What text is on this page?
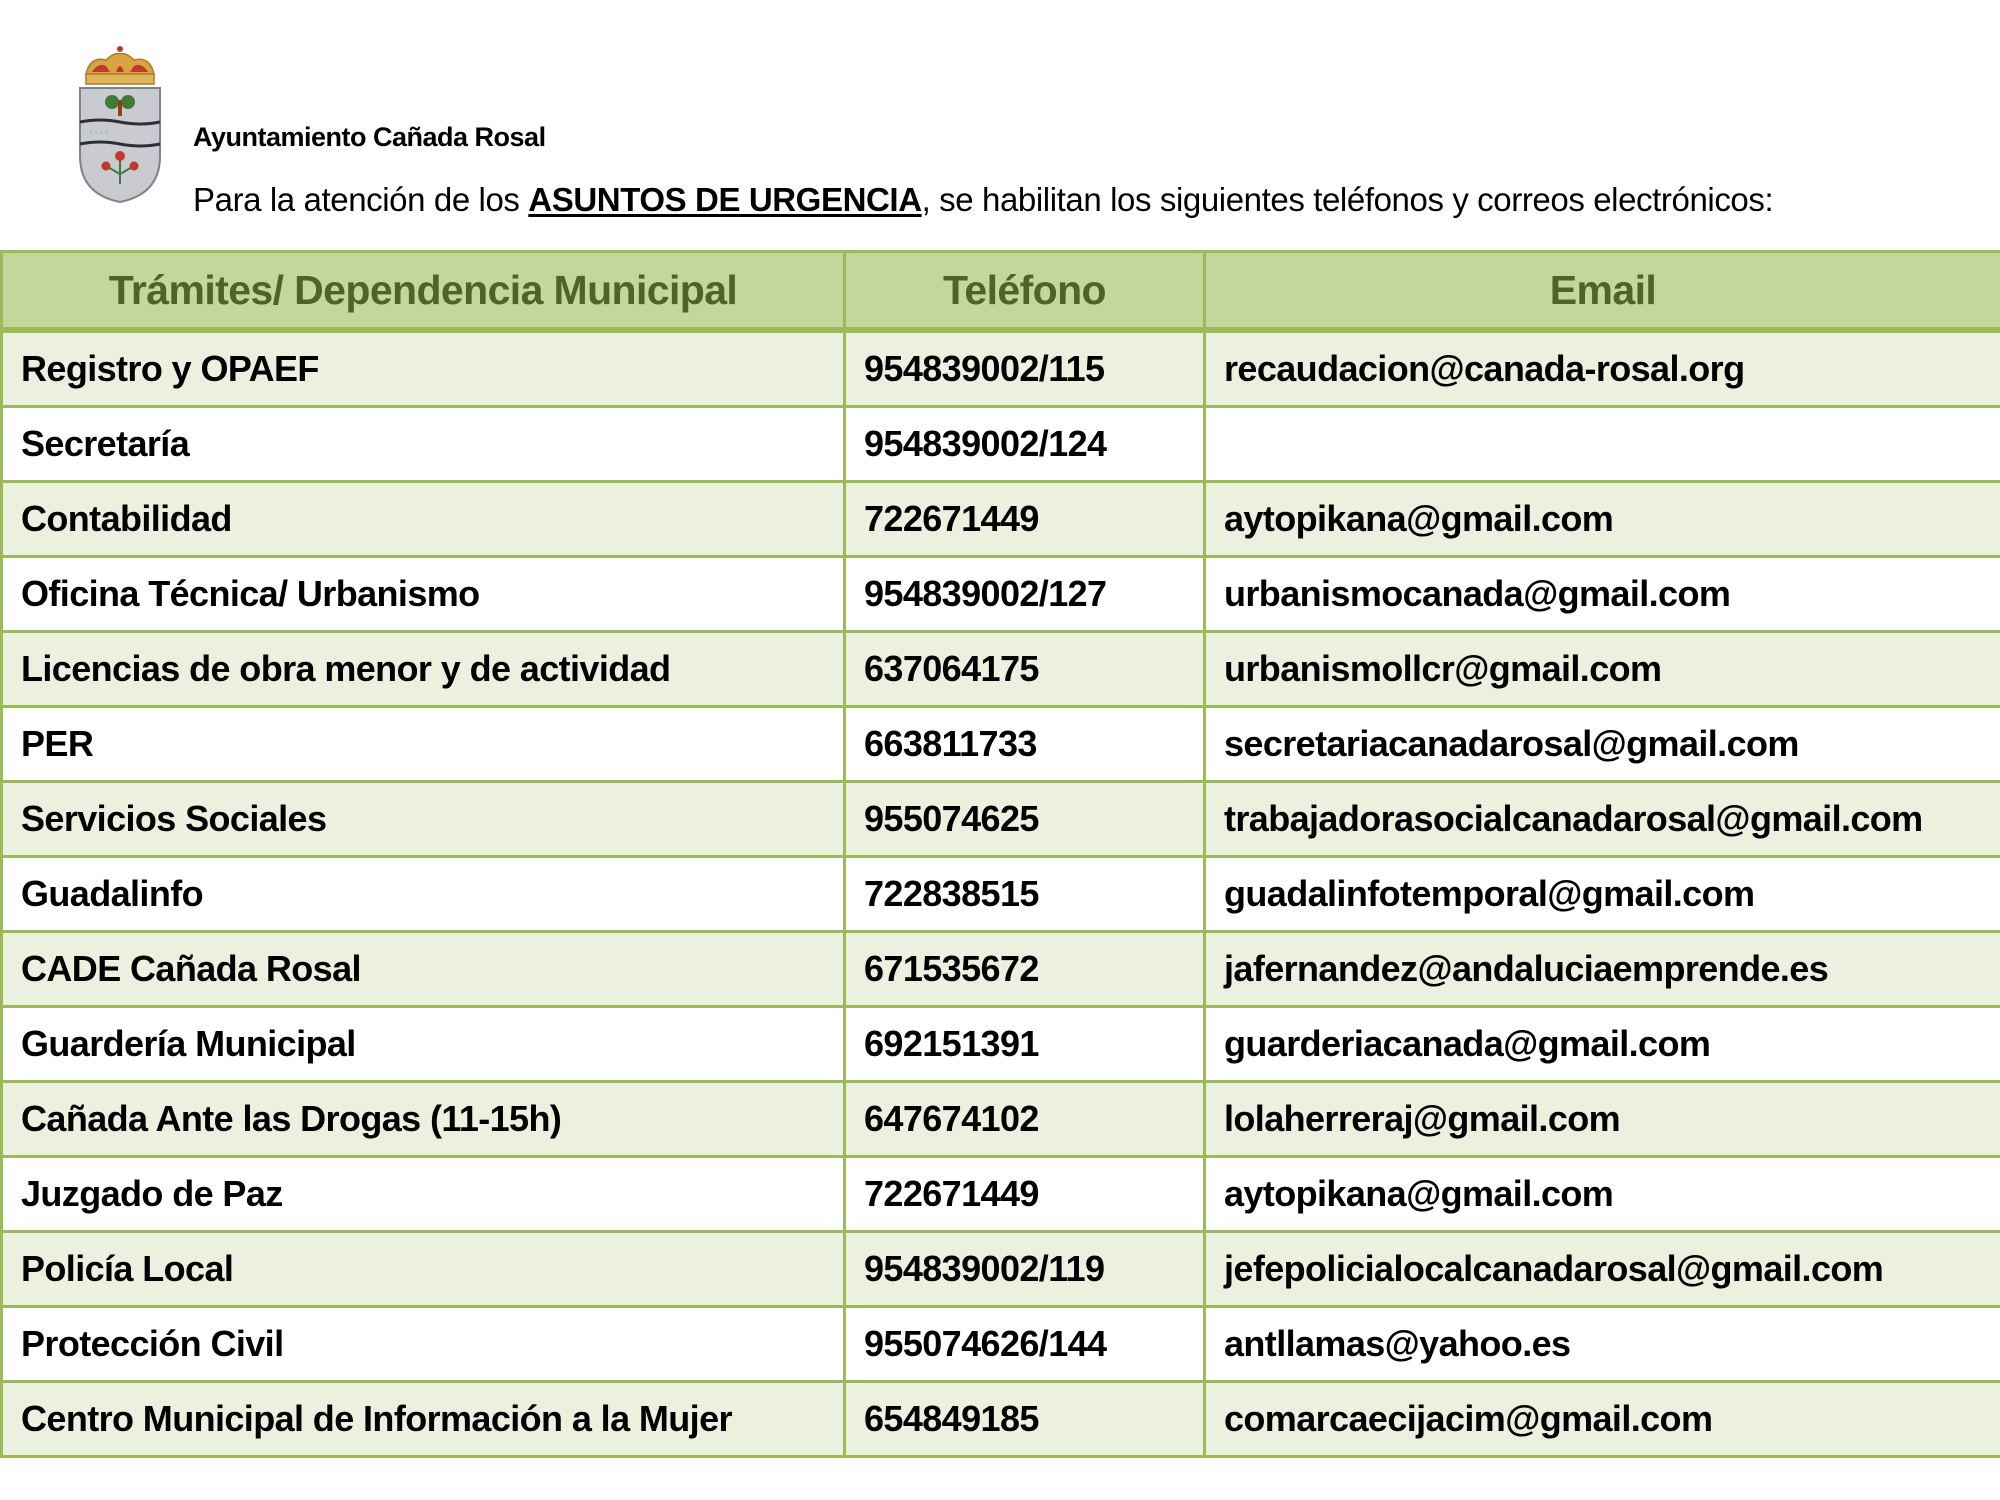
ᵛ ᵛ ᵛ ᵛ	Ayuntamiento Cañada Rosal
Para la atención de los ASUNTOS DE URGENCIA, se habilitan los siguientes teléfonos y correos electrónicos:
Trámites/ Dependencia Municipal	Teléfono	Email
Registro y OPAEF	954839002/115	recaudacion@canada-rosal.org
Secretaría	954839002/124	
Contabilidad	722671449	aytopikana@gmail.com
Oficina Técnica/ Urbanismo	954839002/127	urbanismocanada@gmail.com
Licencias de obra menor y de actividad	637064175	urbanismollcr@gmail.com
PER	663811733	secretariacanadarosal@gmail.com
Servicios Sociales	955074625	trabajadorasocialcanadarosal@gmail.com
Guadalinfo	722838515	guadalinfotemporal@gmail.com
CADE Cañada Rosal	671535672	jafernandez@andaluciaemprende.es
Guardería Municipal	692151391	guarderiacanada@gmail.com
Cañada Ante las Drogas (11-15h)	647674102	lolaherreraj@gmail.com
Juzgado de Paz	722671449	aytopikana@gmail.com
Policía Local	954839002/119	jefepolicialocalcanadarosal@gmail.com
Protección Civil	955074626/144	antllamas@yahoo.es
Centro Municipal de Información a la Mujer	654849185	comarcaecijacim@gmail.com
